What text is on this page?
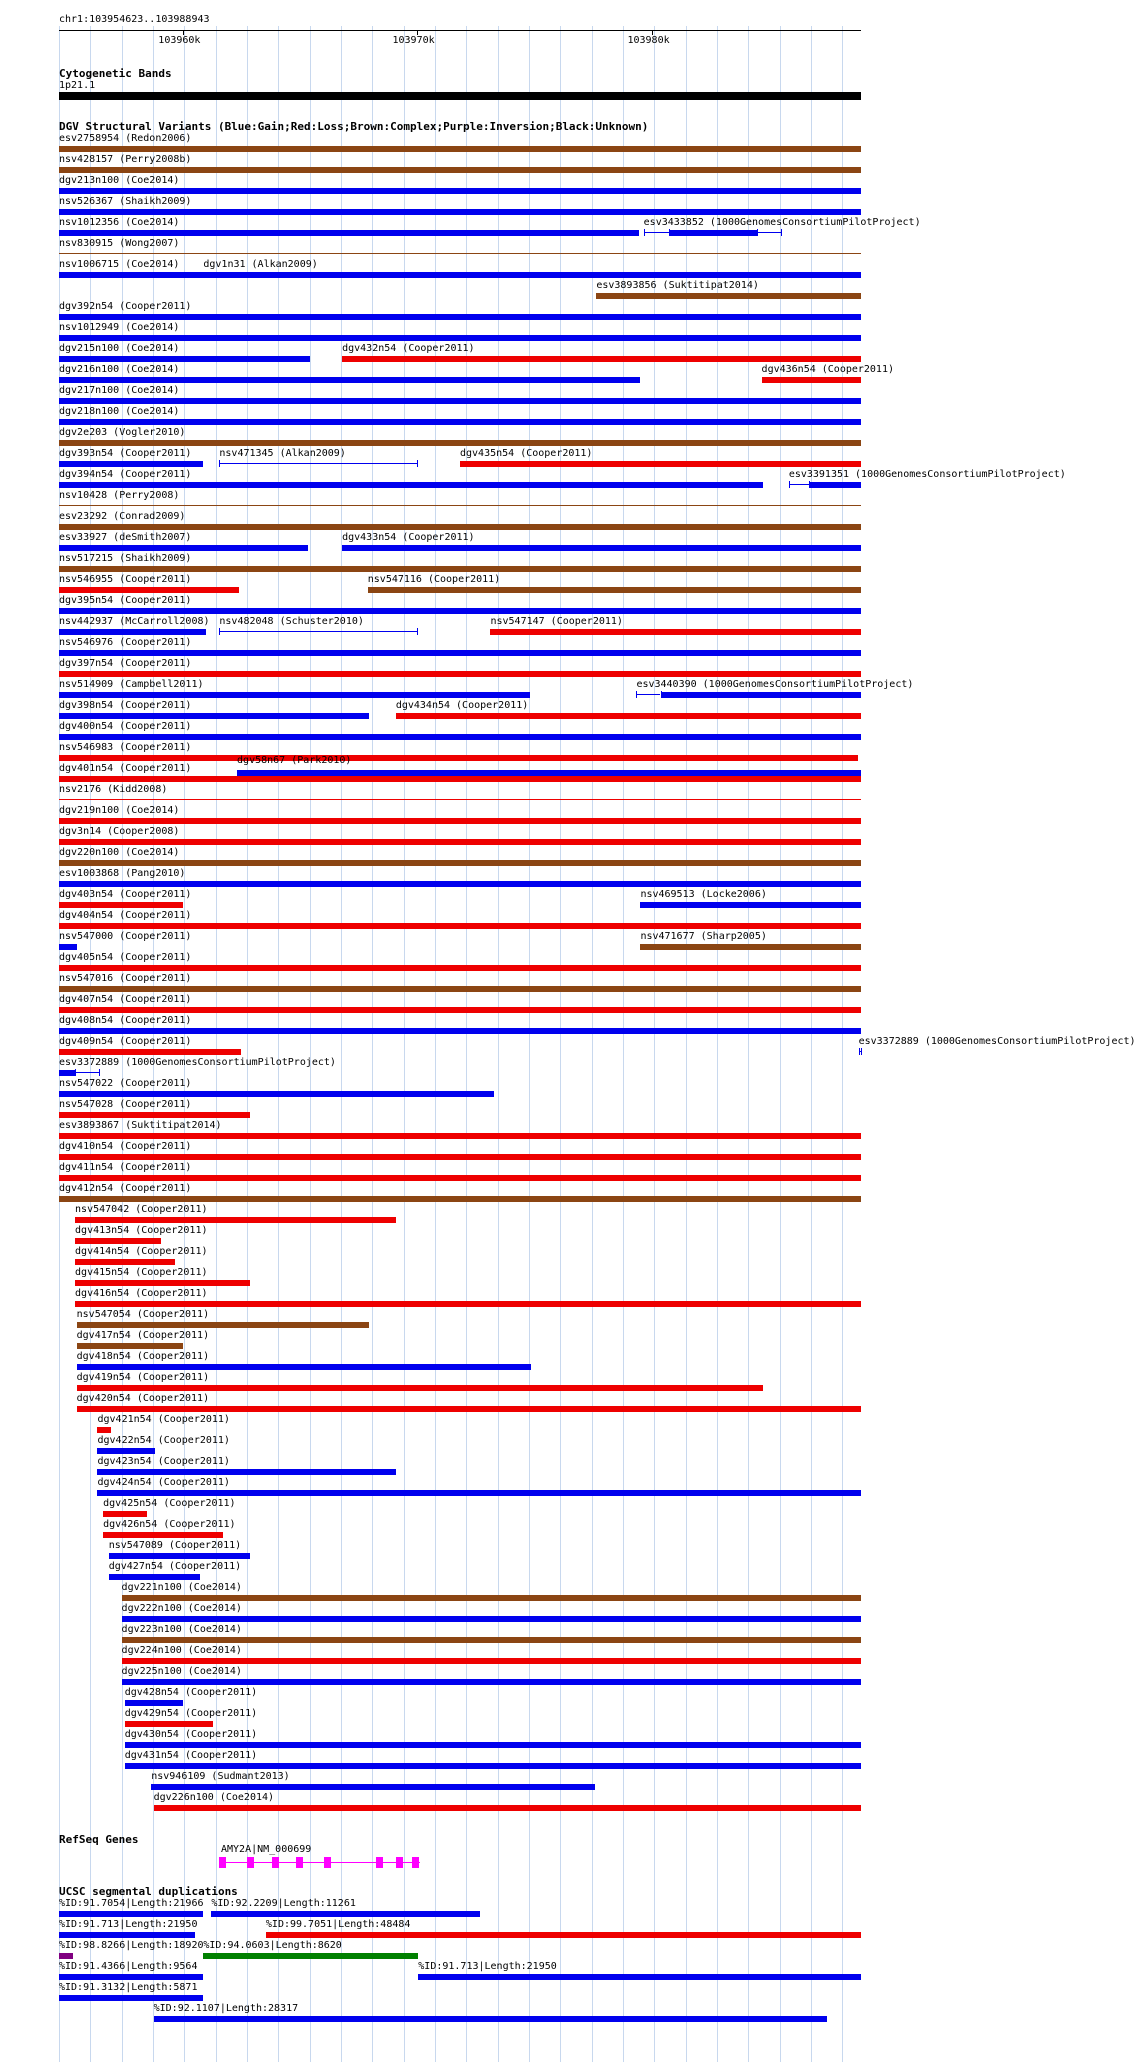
chr1:103954623..103988943
Cytogenetic Bands
1p21.1
DGV Structural Variants (Blue:Gain;Red:Loss;Brown:Complex;Purple:Inversion;Black:Unknown)
RefSeq Genes
AMY2A|NM_000699
UCSC segmental duplications
esv2758954 (Redon2006)
nsv428157 (Perry2008b)
dgv213n100 (Coe2014)
nsv526367 (Shaikh2009)
nsv1012356 (Coe2014)	esv3433852 (1000GenomesConsortiumPilotProject)
nsv830915 (Wong2007)
nsv1006715 (Coe2014) dgv1n31 (Alkan2009)
esv3893856 (Suktitipat2014)
dgv392n54 (Cooper2011)
nsv1012949 (Coe2014)
dgv215n100 (Coe2014)	dgv432n54 (Cooper2011)
dgv216n100 (Coe2014)	dgv436n54 (Cooper2011)
dgv217n100 (Coe2014)
dgv218n100 (Coe2014)
dgv2e203 (Vogler2010)
dgv393n54 (Cooper2011)	nsv471345 (Alkan2009)	dgv435n54 (Cooper2011)
dgv394n54 (Cooper2011)	esv3391351 (1000GenomesConsortiumPilotProject)
nsv10428 (Perry2008)
esv23292 (Conrad2009)
esv33927 (deSmith2007)	dgv433n54 (Cooper2011)
nsv517215 (Shaikh2009)
nsv546955 (Cooper2011)	nsv547116 (Cooper2011)
dgv395n54 (Cooper2011)
nsv442937 (McCarroll2008) nsv482048 (Schuster2010)	nsv547147 (Cooper2011)
nsv546976 (Cooper2011)
dgv397n54 (Cooper2011)
nsv514909 (Campbell2011)	esv3440390 (1000GenomesConsortiumPilotProject)
dgv398n54 (Cooper2011)	dgv434n54 (Cooper2011)
dgv400n54 (Cooper2011)
nsv546983 (Cooper2011)
dgv401n54 (Cooper2011)
dgv58n67 (Park2010)
nsv2176 (Kidd2008)
dgv219n100 (Coe2014)
dgv3n14 (Cooper2008)
dgv220n100 (Coe2014)
esv1003868 (Pang2010)
dgv403n54 (Cooper2011)	nsv469513 (Locke2006)
dgv404n54 (Cooper2011)
nsv547000 (Cooper2011)	nsv471677 (Sharp2005)
dgv405n54 (Cooper2011)
nsv547016 (Cooper2011)
dgv407n54 (Cooper2011)
dgv408n54 (Cooper2011)
dgv409n54 (Cooper2011)	esv3372889 (1000GenomesConsortiumPilotProject)
esv3372889 (1000GenomesConsortiumPilotProject)
nsv547022 (Cooper2011)
nsv547028 (Cooper2011)
esv3893867 (Suktitipat2014)
dgv410n54 (Cooper2011)
dgv411n54 (Cooper2011)
dgv412n54 (Cooper2011)
nsv547042 (Cooper2011)
dgv413n54 (Cooper2011)
dgv414n54 (Cooper2011)
dgv415n54 (Cooper2011)
dgv416n54 (Cooper2011)
nsv547054 (Cooper2011)
dgv417n54 (Cooper2011)
dgv418n54 (Cooper2011)
dgv419n54 (Cooper2011)
dgv420n54 (Cooper2011)
dgv421n54 (Cooper2011)
dgv422n54 (Cooper2011)
dgv423n54 (Cooper2011)
dgv424n54 (Cooper2011)
dgv425n54 (Cooper2011)
dgv426n54 (Cooper2011)
nsv547089 (Cooper2011)
dgv427n54 (Cooper2011)
dgv221n100 (Coe2014)
dgv222n100 (Coe2014)
dgv223n100 (Coe2014)
dgv224n100 (Coe2014)
dgv225n100 (Coe2014)
dgv428n54 (Cooper2011)
dgv429n54 (Cooper2011)
dgv430n54 (Cooper2011)
dgv431n54 (Cooper2011)
nsv946109 (Sudmant2013)
dgv226n100 (Coe2014)
%ID:91.7054|Length:21966 %ID:92.2209|Length:11261
%ID:91.713|Length:21950	%ID:99.7051|Length:48484
%ID:98.8266|Length:18920 %ID:94.0603|Length:8620
%ID:91.4366|Length:9564	%ID:91.713|Length:21950
%ID:91.3132|Length:5871
%ID:92.1107|Length:28317
103960k	103970k	103980k
